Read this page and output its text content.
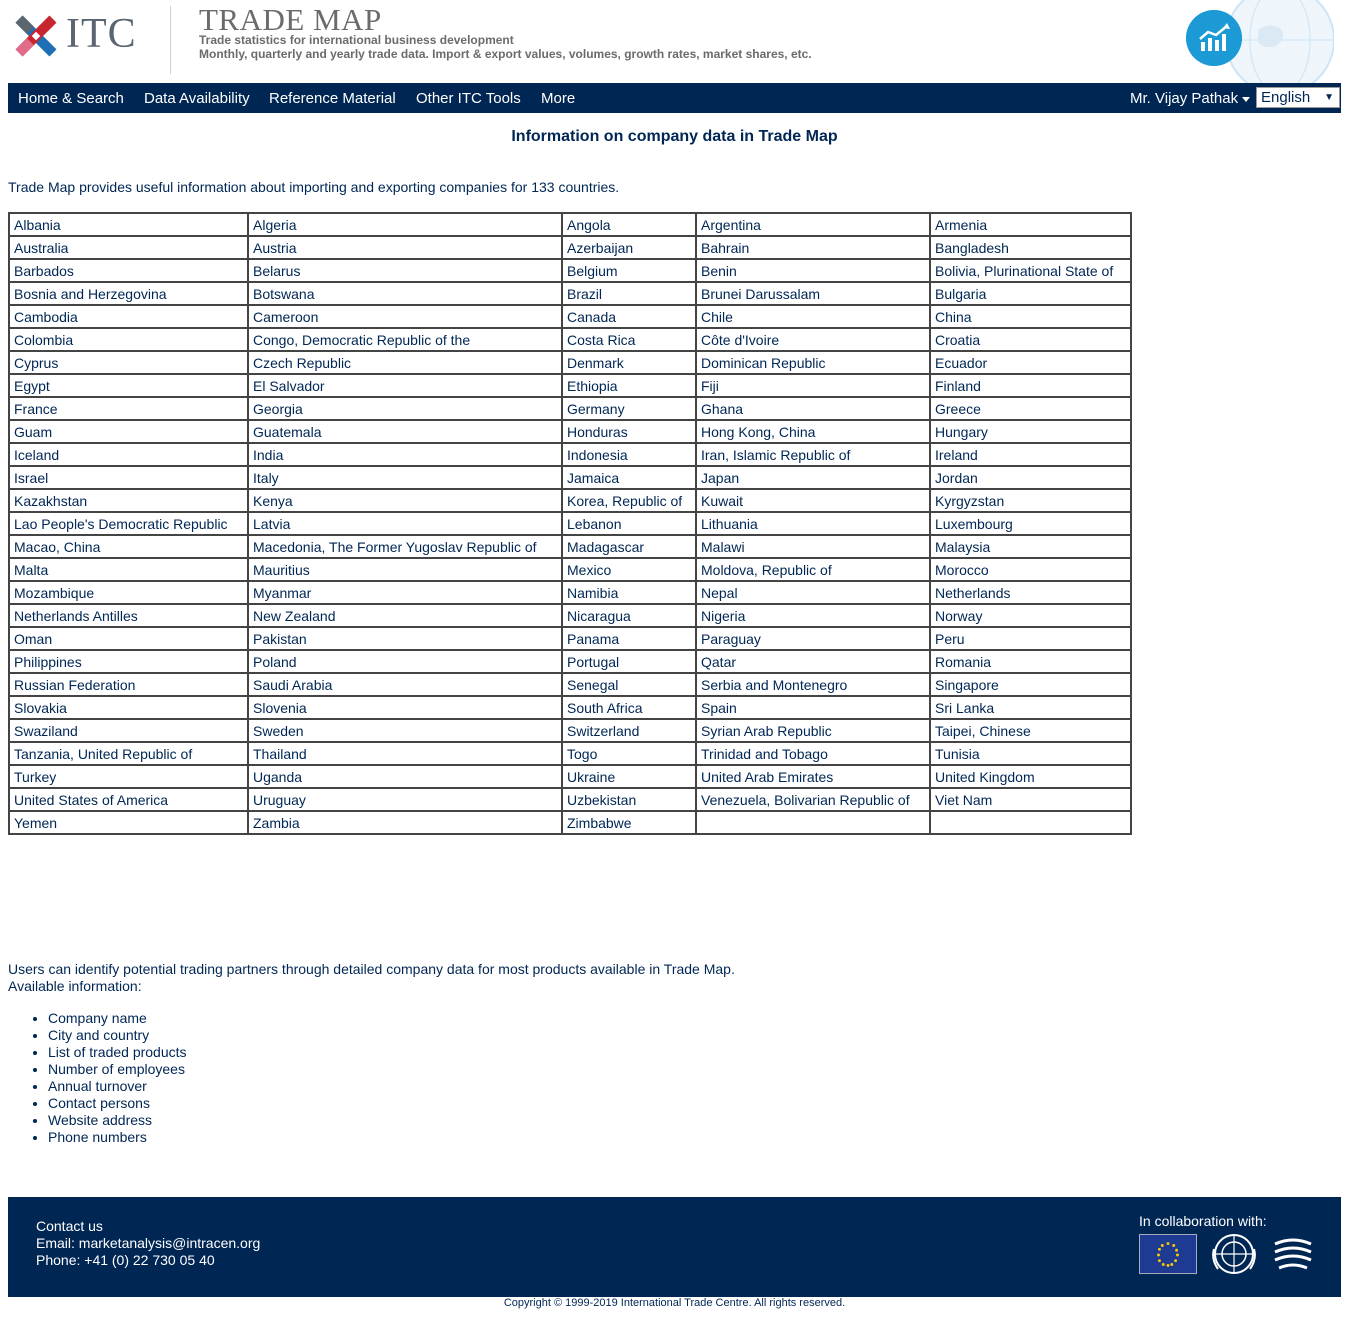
ITC TRADE MAP
Trade statistics for international business development
Monthly, quarterly and yearly trade data. Import & export values, volumes, growth rates, market shares, etc.
Home & Search Data Availability Reference Material Other ITC Tools More	Mr. Vijay Pathak	English ▼
Information on company data in Trade Map
Trade Map provides useful information about importing and exporting companies for 133 countries.
Albania	Algeria	Angola	Argentina	Armenia
Australia	Austria	Azerbaijan	Bahrain	Bangladesh
Barbados	Belarus	Belgium	Benin	Bolivia, Plurinational State of
Bosnia and Herzegovina	Botswana	Brazil	Brunei Darussalam	Bulgaria
Cambodia	Cameroon	Canada	Chile	China
Colombia	Congo, Democratic Republic of the	Costa Rica	Côte d'Ivoire	Croatia
Cyprus	Czech Republic	Denmark	Dominican Republic	Ecuador
Egypt	El Salvador	Ethiopia	Fiji	Finland
France	Georgia	Germany	Ghana	Greece
Guam	Guatemala	Honduras	Hong Kong, China	Hungary
Iceland	India	Indonesia	Iran, Islamic Republic of	Ireland
Israel	Italy	Jamaica	Japan	Jordan
Kazakhstan	Kenya	Korea, Republic of	Kuwait	Kyrgyzstan
Lao People's Democratic Republic	Latvia	Lebanon	Lithuania	Luxembourg
Macao, China	Macedonia, The Former Yugoslav Republic of	Madagascar	Malawi	Malaysia
Malta	Mauritius	Mexico	Moldova, Republic of	Morocco
Mozambique	Myanmar	Namibia	Nepal	Netherlands
Netherlands Antilles	New Zealand	Nicaragua	Nigeria	Norway
Oman	Pakistan	Panama	Paraguay	Peru
Philippines	Poland	Portugal	Qatar	Romania
Russian Federation	Saudi Arabia	Senegal	Serbia and Montenegro	Singapore
Slovakia	Slovenia	South Africa	Spain	Sri Lanka
Swaziland	Sweden	Switzerland	Syrian Arab Republic	Taipei, Chinese
Tanzania, United Republic of	Thailand	Togo	Trinidad and Tobago	Tunisia
Turkey	Uganda	Ukraine	United Arab Emirates	United Kingdom
United States of America	Uruguay	Uzbekistan	Venezuela, Bolivarian Republic of	Viet Nam
Yemen	Zambia	Zimbabwe		
Users can identify potential trading partners through detailed company data for most products available in Trade Map.
Available information:
• Company name
• City and country
• List of traded products
• Number of employees
• Annual turnover
• Contact persons
• Website address
• Phone numbers
Contact us
Email: marketanalysis@intracen.org
Phone: +41 (0) 22 730 05 40
In collaboration with:
Copyright © 1999-2019 International Trade Centre. All rights reserved.
